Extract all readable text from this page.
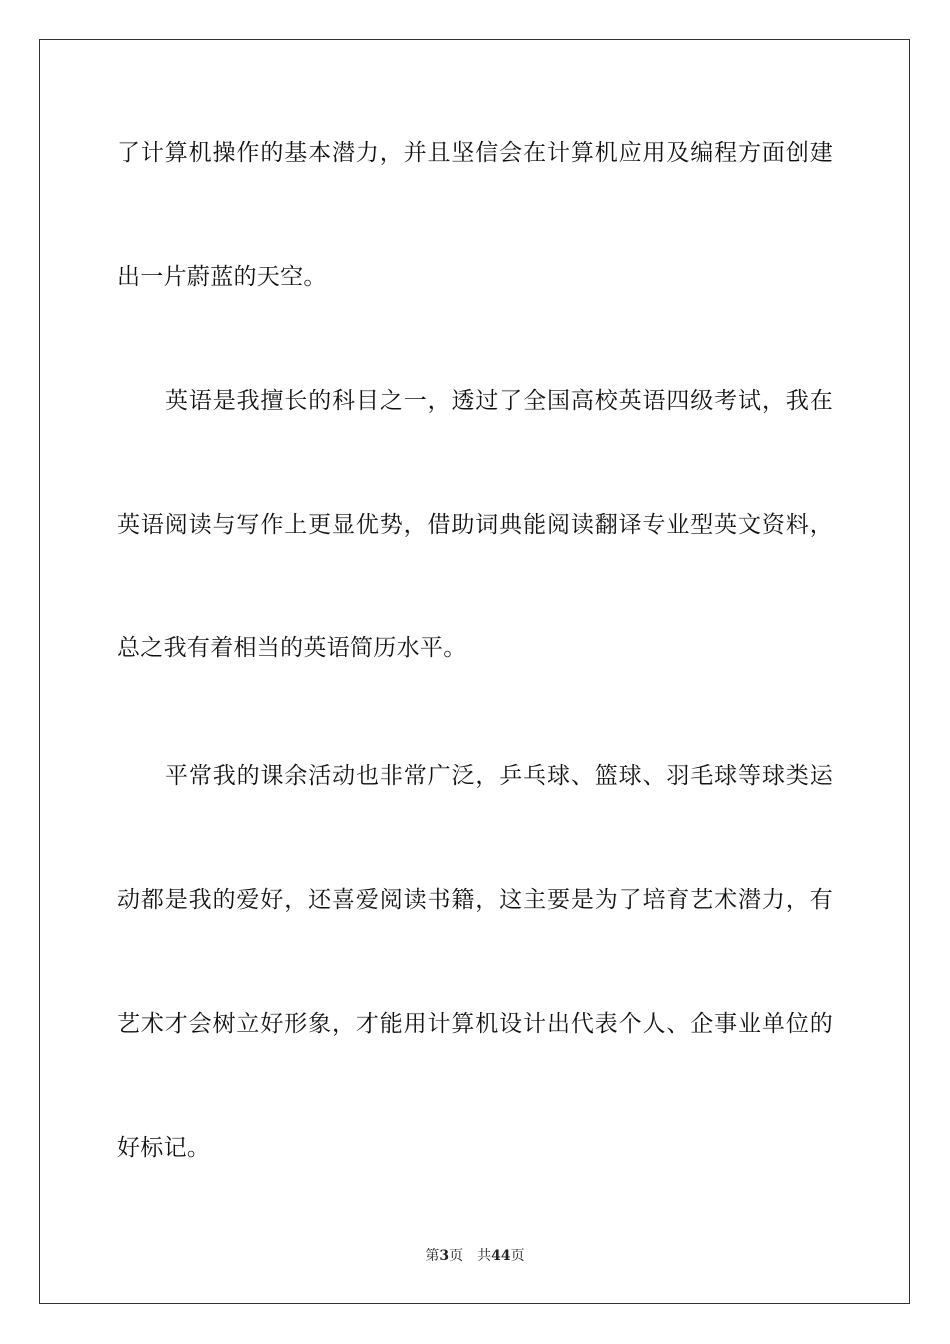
了计算机操作的基本潜力，并且坚信会在计算机应用及编程方面创建
出一片蔚蓝的天空。
英语是我擅长的科目之一，透过了全国高校英语四级考试，我在
英语阅读与写作上更显优势，借助词典能阅读翻译专业型英文资料，
总之我有着相当的英语简历水平。
平常我的课余活动也非常广泛，乒乓球、篮球、羽毛球等球类运
动都是我的爱好，还喜爱阅读书籍，这主要是为了培育艺术潜力，有
艺术才会树立好形象，才能用计算机设计出代表个人、企事业单位的
好标记。
第3页 共44页
